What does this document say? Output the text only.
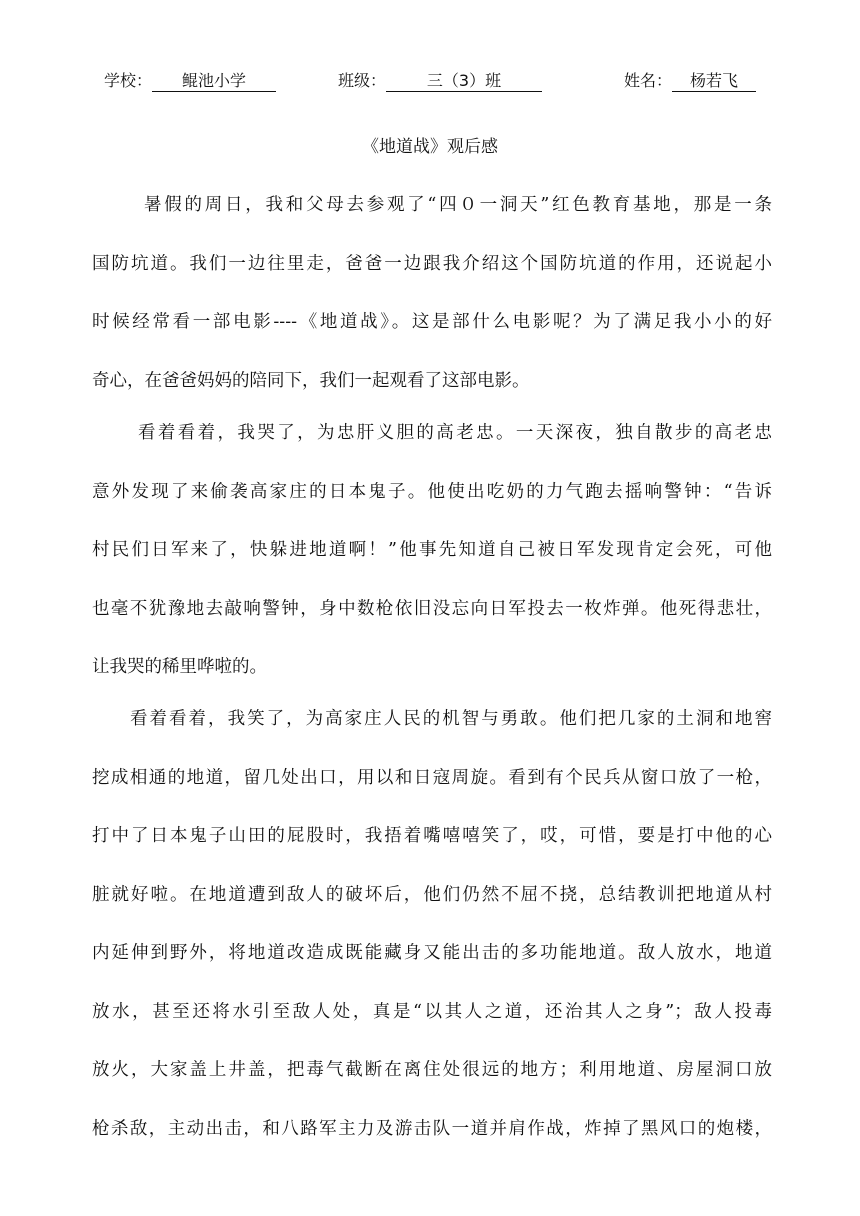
学校： 鲲池小学	班级：	三（3）班	姓名： 杨若飞
《地道战》观后感
暑假的周日，我和父母去参观了“四０一洞天”红色教育基地，那是一条
国防坑道。我们一边往里走，爸爸一边跟我介绍这个国防坑道的作用，还说起小
时候经常看一部电影----《地道战》。这是部什么电影呢？为了满足我小小的好
奇心，在爸爸妈妈的陪同下，我们一起观看了这部电影。
看着看着，我哭了，为忠肝义胆的高老忠。一天深夜，独自散步的高老忠
意外发现了来偷袭高家庄的日本鬼子。他使出吃奶的力气跑去摇响警钟：“告诉
村民们日军来了，快躲进地道啊！”他事先知道自己被日军发现肯定会死，可他
也毫不犹豫地去敲响警钟，身中数枪依旧没忘向日军投去一枚炸弹。他死得悲壮，
让我哭的稀里哗啦的。
看着看着，我笑了，为高家庄人民的机智与勇敢。他们把几家的土洞和地窖
挖成相通的地道，留几处出口，用以和日寇周旋。看到有个民兵从窗口放了一枪，
打中了日本鬼子山田的屁股时，我捂着嘴嘻嘻笑了，哎，可惜，要是打中他的心
脏就好啦。在地道遭到敌人的破坏后，他们仍然不屈不挠，总结教训把地道从村
内延伸到野外，将地道改造成既能藏身又能出击的多功能地道。敌人放水，地道
放水，甚至还将水引至敌人处，真是“以其人之道，还治其人之身”；敌人投毒
放火，大家盖上井盖，把毒气截断在离住处很远的地方；利用地道、房屋洞口放
枪杀敌，主动出击，和八路军主力及游击队一道并肩作战，炸掉了黑风口的炮楼，
